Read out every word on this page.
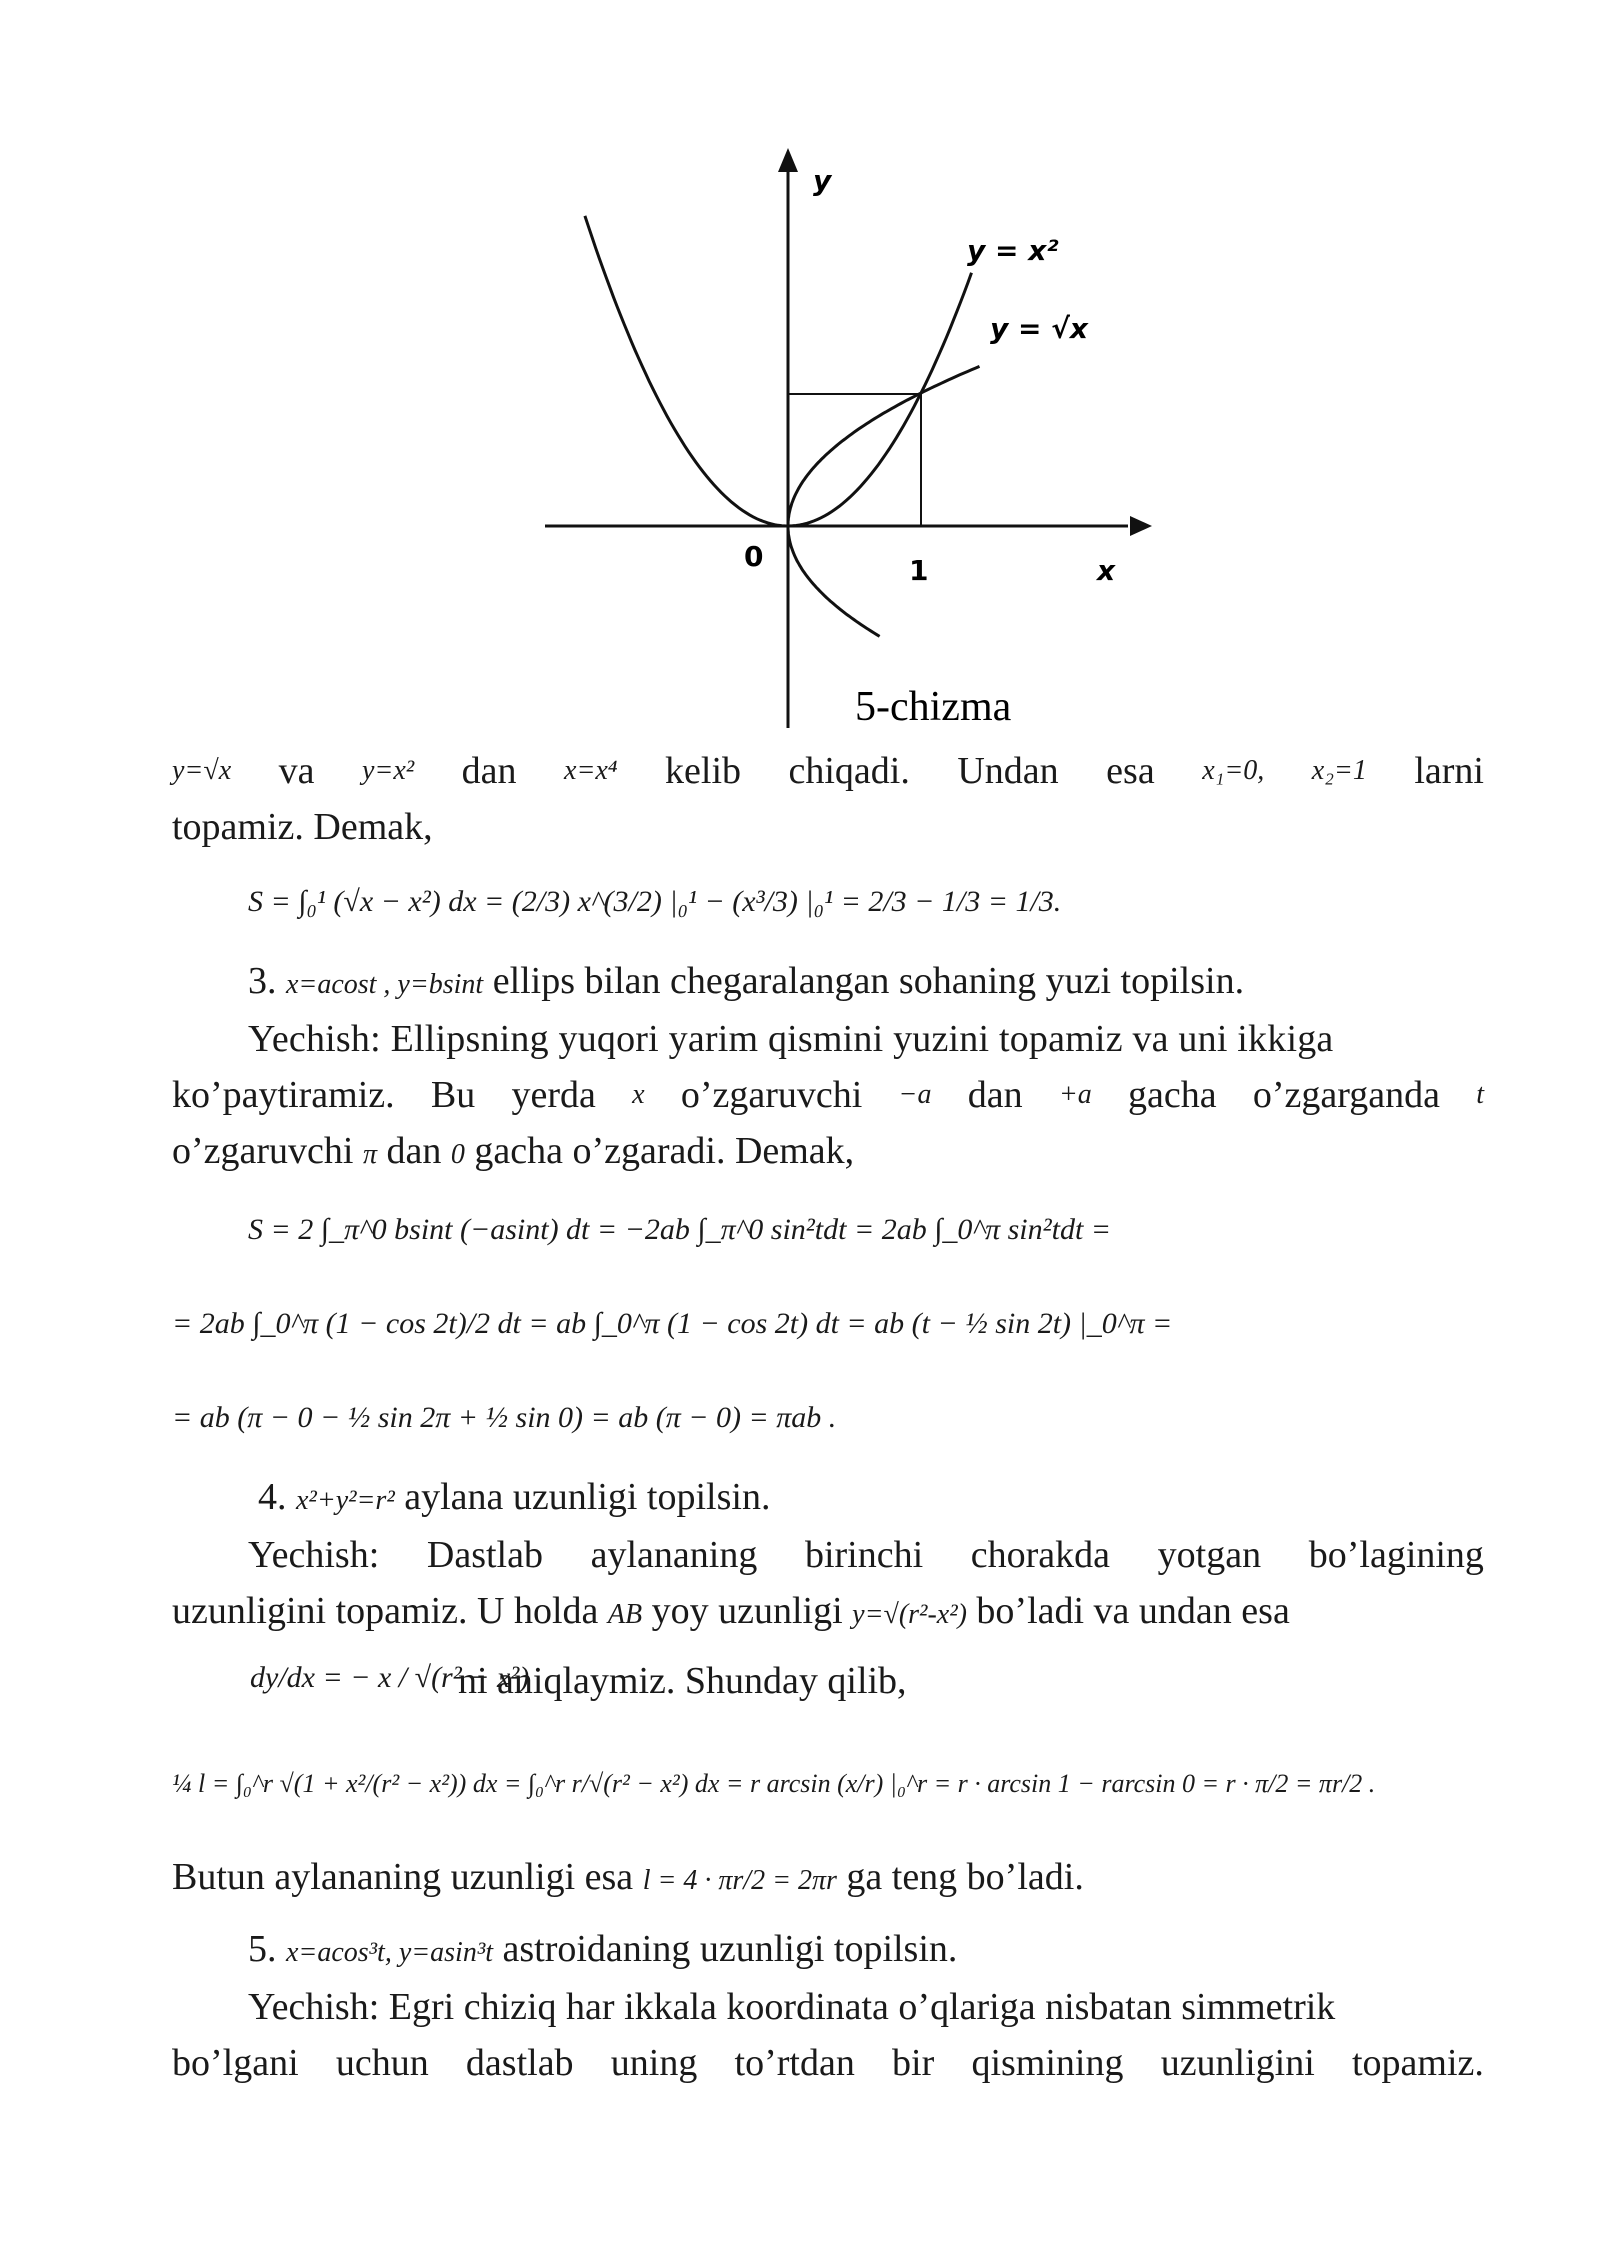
y
x
0	1
y = x²
y = √x
5-chizma
y=√x va y=x² dan x=x⁴ kelib chiqadi. Undan esa x₁=0, x₂=1 larni
topamiz. Demak,
S = ∫₀¹ (√x − x²) dx = (2/3) x^(3/2) |₀¹ − (x³/3) |₀¹ = 2/3 − 1/3 = 1/3.
3. x=acost , y=bsint ellips bilan chegaralangan sohaning yuzi topilsin.
Yechish: Ellipsning yuqori yarim qismini yuzini topamiz va uni ikkiga
ko’paytiramiz. Bu yerda x o’zgaruvchi −a dan +a gacha o’zgarganda t
o’zgaruvchi π dan 0 gacha o’zgaradi. Demak,
S = 2 ∫_π^0 bsint (−asint) dt = −2ab ∫_π^0 sin²tdt = 2ab ∫_0^π sin²tdt =
= 2ab ∫_0^π (1 − cos 2t)/2 dt = ab ∫_0^π (1 − cos 2t) dt = ab (t − ½ sin 2t) |_0^π =
= ab (π − 0 − ½ sin 2π + ½ sin 0) = ab (π − 0) = πab .
4. x²+y²=r² aylana uzunligi topilsin.
Yechish: Dastlab aylananing birinchi chorakda yotgan bo’lagining
uzunligini topamiz. U holda AB yoy uzunligi y=√(r²-x²) bo’ladi va undan esa
dy/dx = − x / √(r² − x²)
ni aniqlaymiz. Shunday qilib,
¼ l = ∫₀^r √(1 + x²/(r² − x²)) dx = ∫₀^r r/√(r² − x²) dx = r arcsin (x/r) |₀^r = r · arcsin 1 − rarcsin 0 = r · π/2 = πr/2 .
Butun aylananing uzunligi esa l = 4 · πr/2 = 2πr ga teng bo’ladi.
5. x=acos³t, y=asin³t astroidaning uzunligi topilsin.
Yechish: Egri chiziq har ikkala koordinata o’qlariga nisbatan simmetrik
bo’lgani uchun dastlab uning to’rtdan bir qismining uzunligini topamiz.
